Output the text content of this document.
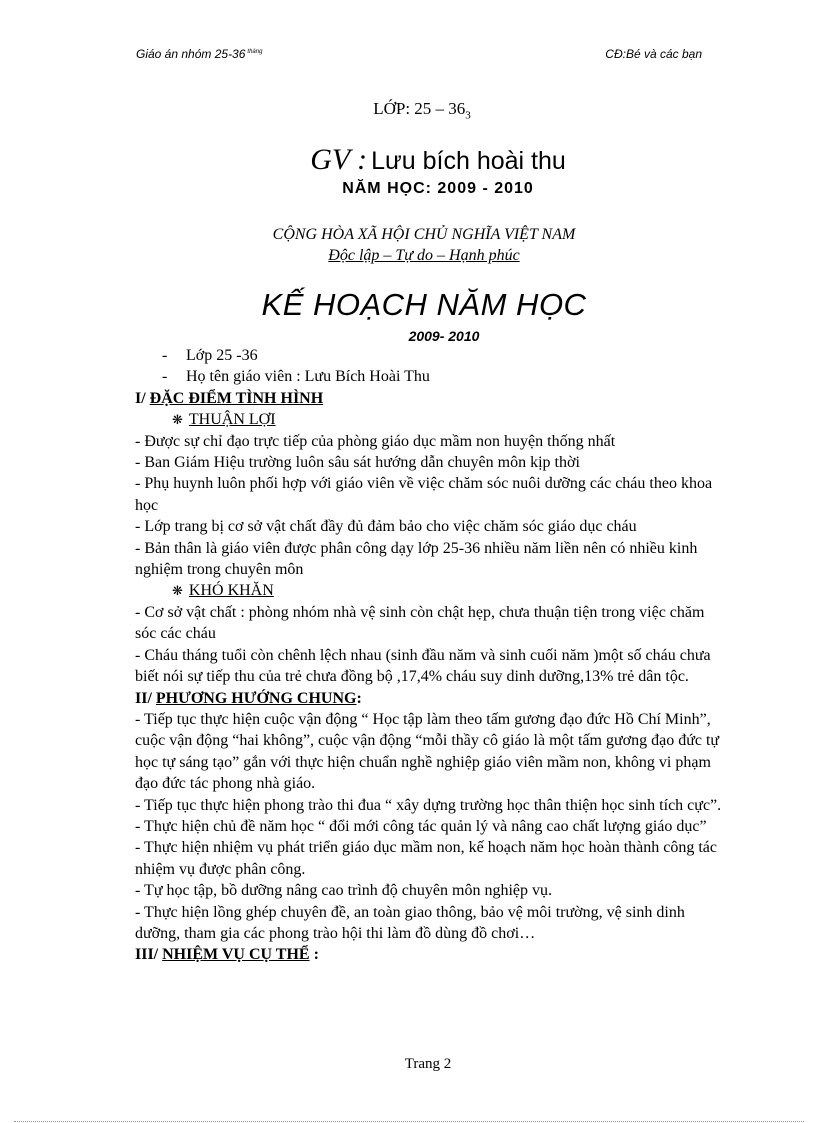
Giáo án nhóm 25-36 $^{tháng}$	CĐ:Bé và các bạn
LỚP: $25 - 36_3$
GV : Lưu bích hoài thu
NĂM HỌC: 2009 - 2010
CỘNG HÒA XÃ HỘI CHỦ NGHĨA VIỆT NAM
Độc lập – Tự do – Hạnh phúc
KẾ HOẠCH NĂM HỌC
2009- 2010

- Lớp 25 -36

- Họ tên giáo viên : Lưu Bích Hoài Thu

I/ ĐẶC ĐIỂM TÌNH HÌNH

❋ THUẬN LỢI

- Được sự chỉ đạo trực tiếp của phòng giáo dục mầm non huyện thống nhất

- Ban Giám Hiệu trường luôn sâu sát hướng dẫn chuyên môn kịp thời

- Phụ huynh luôn phối hợp với giáo viên về việc chăm sóc nuôi dưỡng các cháu theo khoa học

- Lớp trang bị cơ sở vật chất đầy đủ đảm bảo cho việc chăm sóc giáo dục cháu

- Bản thân là giáo viên được phân công dạy lớp 25-36 nhiều năm liền nên có nhiều kinh nghiệm trong chuyên môn

❋ KHÓ KHĂN

- Cơ sở vật chất : phòng nhóm nhà vệ sinh còn chật hẹp, chưa thuận tiện trong việc chăm sóc các cháu

- Cháu tháng tuổi còn chênh lệch nhau (sinh đầu năm và sinh cuối năm )một số cháu chưa biết nói sự tiếp thu của trẻ chưa đồng bộ ,17,4% cháu suy dinh dưỡng,13% trẻ dân tộc.

II/ PHƯƠNG HƯỚNG CHUNG:

- Tiếp tục thực hiện cuộc vận động “ Học tập làm theo tấm gương đạo đức Hồ Chí Minh”, cuộc vận động “hai không”, cuộc vận động “mỗi thầy cô giáo là một tấm gương đạo đức tự học tự sáng tạo” gắn với thực hiện chuẩn nghề nghiệp giáo viên mầm non, không vi phạm đạo đức tác phong nhà giáo.

- Tiếp tục thực hiện phong trào thi đua “ xây dựng trường học thân thiện học sinh tích cực”.

- Thực hiện chủ đề năm học “ đổi mới công tác quản lý và nâng cao chất lượng giáo dục”

- Thực hiện nhiệm vụ phát triển giáo dục mầm non, kế hoạch năm học hoàn thành công tác nhiệm vụ được phân công.

- Tự học tập, bồ dưỡng nâng cao trình độ chuyên môn nghiệp vụ.

- Thực hiện lồng ghép chuyên đề, an toàn giao thông, bảo vệ môi trường, vệ sinh dinh dưỡng, tham gia các phong trào hội thi làm đồ dùng đồ chơi…

III/ NHIỆM VỤ CỤ THỂ :

Trang 2
